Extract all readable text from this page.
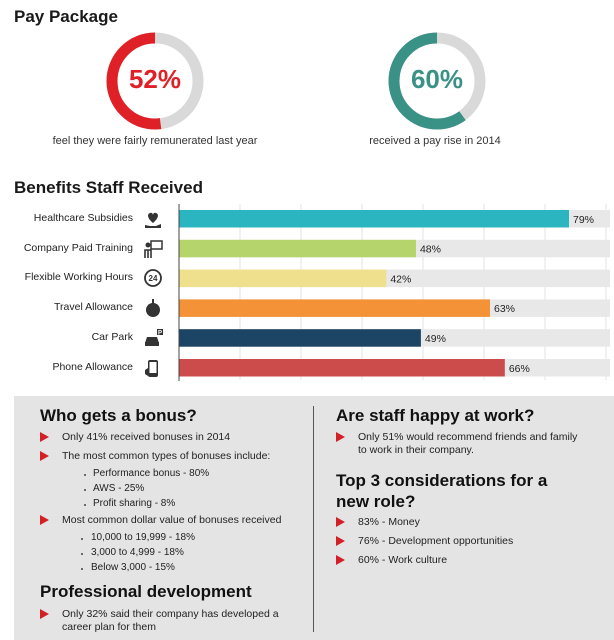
Pay Package
52%
feel they were fairly remunerated last year
60%
received a pay rise in 2014
Benefits Staff Received
Healthcare Subsidies
Company Paid Training
Flexible Working Hours 24
Travel Allowance
Car Park	P
Phone Allowance
79%
48%
42%
63%
49%
66%
Who gets a bonus?
Only 41% received bonuses in 2014
The most common types of bonuses include:
Performance bonus - 80%
AWS - 25%
Profit sharing - 8%
Most common dollar value of bonuses received
10,000 to 19,999 - 18%
3,000 to 4,999 - 18%
Below 3,000 - 15%
Professional development
Only 32% said their company has developed a career plan for them
Are staff happy at work?
Only 51% would recommend friends and family to work in their company.
Top 3 considerations for a new role?
83% - Money
76% - Development opportunities
60% - Work culture
